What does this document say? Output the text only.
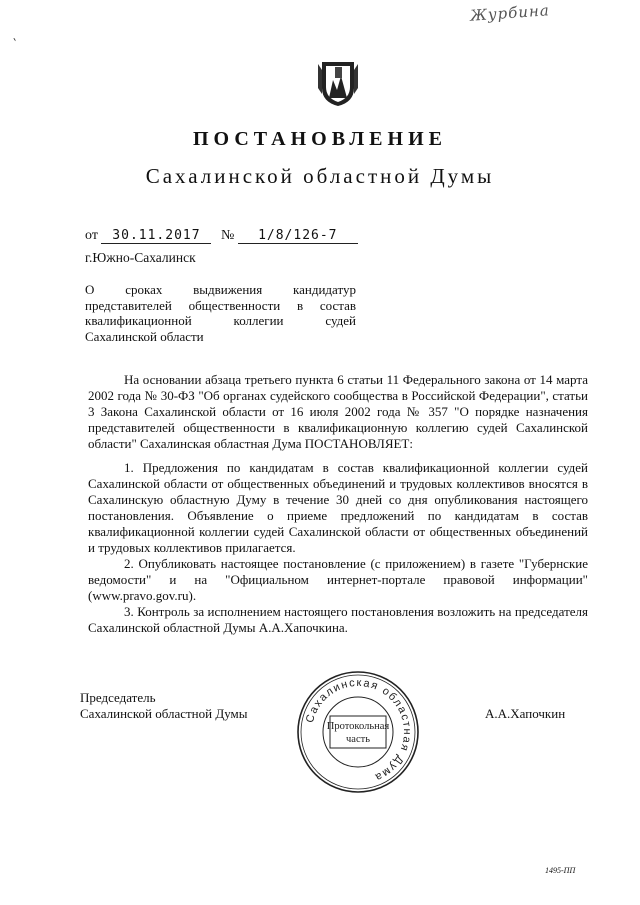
Журбина
ˏ
ПОСТАНОВЛЕНИЕ
Сахалинской областной Думы
от 30.11.2017 № 1/8/126-7
г.Южно-Сахалинск
О сроках выдвижения кандидатур
представителей общественности в состав
квалификационной коллегии судей
Сахалинской области

На основании абзаца третьего пункта 6 статьи 11 Федерального закона от 14 марта 2002 года № 30-ФЗ "Об органах судейского сообщества в Российской Федерации", статьи 3 Закона Сахалинской области от 16 июля 2002 года № 357 "О порядке назначения представителей общественности в квалификационную коллегию судей Сахалинской области" Сахалинская областная Дума ПОСТАНОВЛЯЕТ:

1. Предложения по кандидатам в состав квалификационной коллегии судей Сахалинской области от общественных объединений и трудовых коллективов вносятся в Сахалинскую областную Думу в течение 30 дней со дня опубликования настоящего постановления. Объявление о приеме предложений по кандидатам в состав квалификационной коллегии судей Сахалинской области от общественных объединений и трудовых коллективов прилагается.

2. Опубликовать настоящее постановление (с приложением) в газете "Губернские ведомости" и на "Официальном интернет-портале правовой информации" (www.pravo.gov.ru).

3. Контроль за исполнением настоящего постановления возложить на председателя Сахалинской областной Думы А.А.Хапочкина.

Председатель
Сахалинской областной Думы	А.А.Хапочкин
Сахалинская областная Дума
Протокольная
часть
1495-ПП
